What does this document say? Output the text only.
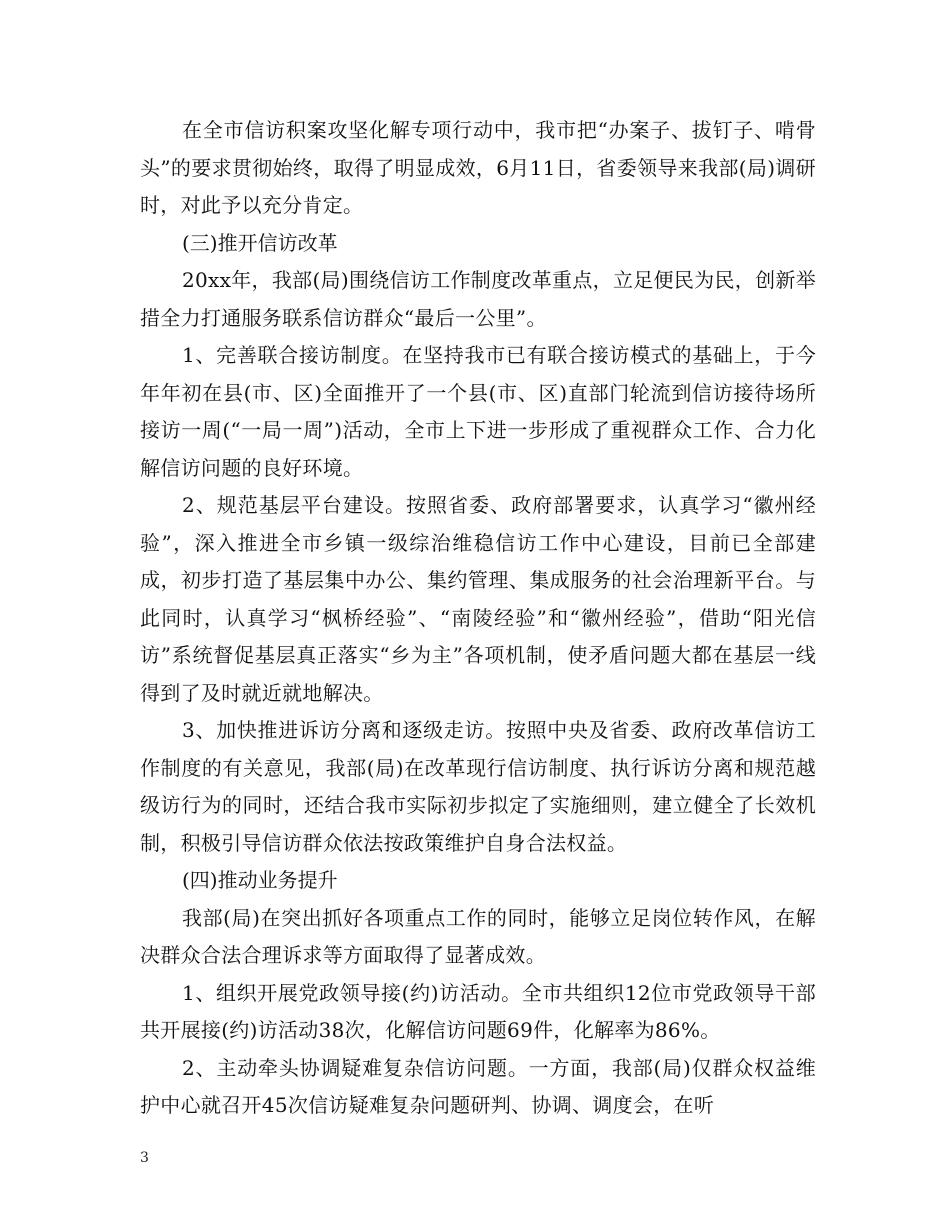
在全市信访积案攻坚化解专项行动中，我市把“办案子、拔钉子、啃骨头”的要求贯彻始终，取得了明显成效，6月11日，省委领导来我部(局)调研时，对此予以充分肯定。

(三)推开信访改革

20xx年，我部(局)围绕信访工作制度改革重点，立足便民为民，创新举措全力打通服务联系信访群众“最后一公里”。

1、完善联合接访制度。在坚持我市已有联合接访模式的基础上，于今年年初在县(市、区)全面推开了一个县(市、区)直部门轮流到信访接待场所接访一周(“一局一周”)活动，全市上下进一步形成了重视群众工作、合力化解信访问题的良好环境。

2、规范基层平台建设。按照省委、政府部署要求，认真学习“徽州经验”，深入推进全市乡镇一级综治维稳信访工作中心建设，目前已全部建成，初步打造了基层集中办公、集约管理、集成服务的社会治理新平台。与此同时，认真学习“枫桥经验”、“南陵经验”和“徽州经验”，借助“阳光信访”系统督促基层真正落实“乡为主”各项机制，使矛盾问题大都在基层一线得到了及时就近就地解决。

3、加快推进诉访分离和逐级走访。按照中央及省委、政府改革信访工作制度的有关意见，我部(局)在改革现行信访制度、执行诉访分离和规范越级访行为的同时，还结合我市实际初步拟定了实施细则，建立健全了长效机制，积极引导信访群众依法按政策维护自身合法权益。

(四)推动业务提升

我部(局)在突出抓好各项重点工作的同时，能够立足岗位转作风，在解决群众合法合理诉求等方面取得了显著成效。

1、组织开展党政领导接(约)访活动。全市共组织12位市党政领导干部共开展接(约)访活动38次，化解信访问题69件，化解率为86%。

2、主动牵头协调疑难复杂信访问题。一方面，我部(局)仅群众权益维护中心就召开45次信访疑难复杂问题研判、协调、调度会，在听

3
